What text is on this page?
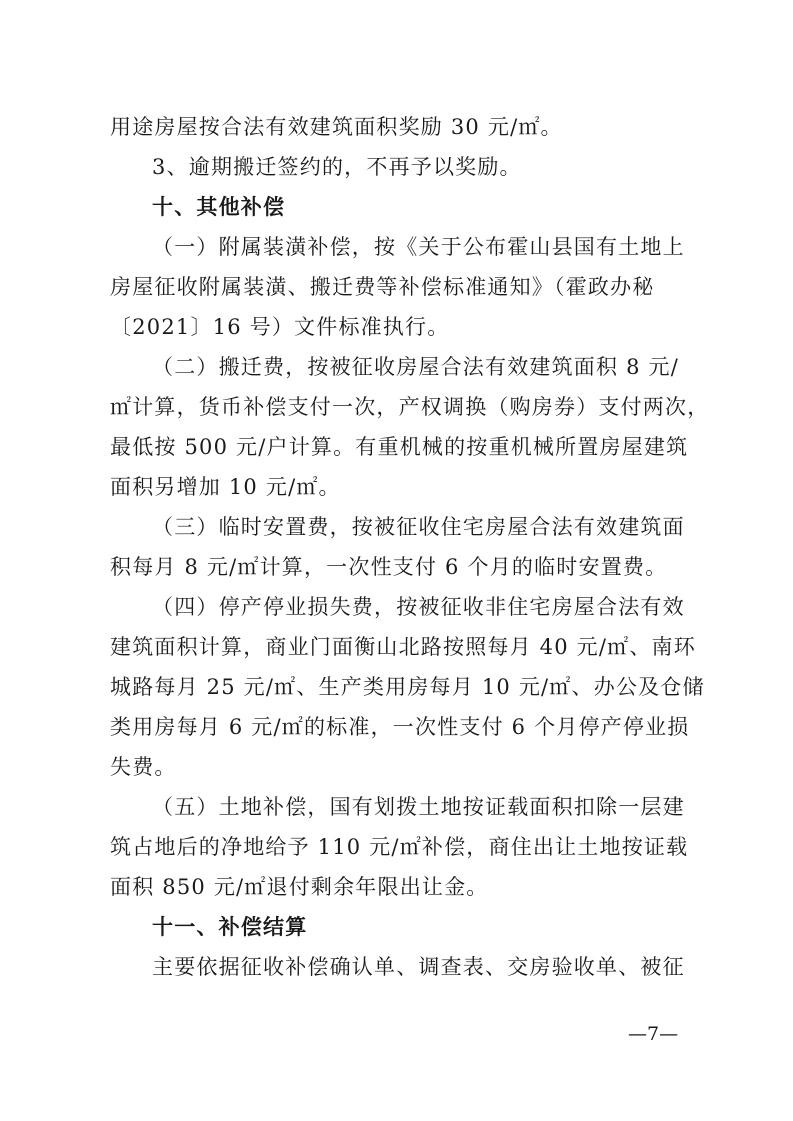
用途房屋按合法有效建筑面积奖励 30 元/㎡。
3、逾期搬迁签约的，不再予以奖励。
十、其他补偿
（一）附属装潢补偿，按《关于公布霍山县国有土地上
房屋征收附属装潢、搬迁费等补偿标准通知》（霍政办秘
〔2021〕16 号）文件标准执行。
（二）搬迁费，按被征收房屋合法有效建筑面积 8 元/
㎡计算，货币补偿支付一次，产权调换（购房券）支付两次，
最低按 500 元/户计算。有重机械的按重机械所置房屋建筑
面积另增加 10 元/㎡。
（三）临时安置费，按被征收住宅房屋合法有效建筑面
积每月 8 元/㎡计算，一次性支付 6 个月的临时安置费。
（四）停产停业损失费，按被征收非住宅房屋合法有效
建筑面积计算，商业门面衡山北路按照每月 40 元/㎡、南环
城路每月 25 元/㎡、生产类用房每月 10 元/㎡、办公及仓储
类用房每月 6 元/㎡的标准，一次性支付 6 个月停产停业损
失费。
（五）土地补偿，国有划拨土地按证载面积扣除一层建
筑占地后的净地给予 110 元/㎡补偿，商住出让土地按证载
面积 850 元/㎡退付剩余年限出让金。
十一、补偿结算
主要依据征收补偿确认单、调查表、交房验收单、被征
—7—
